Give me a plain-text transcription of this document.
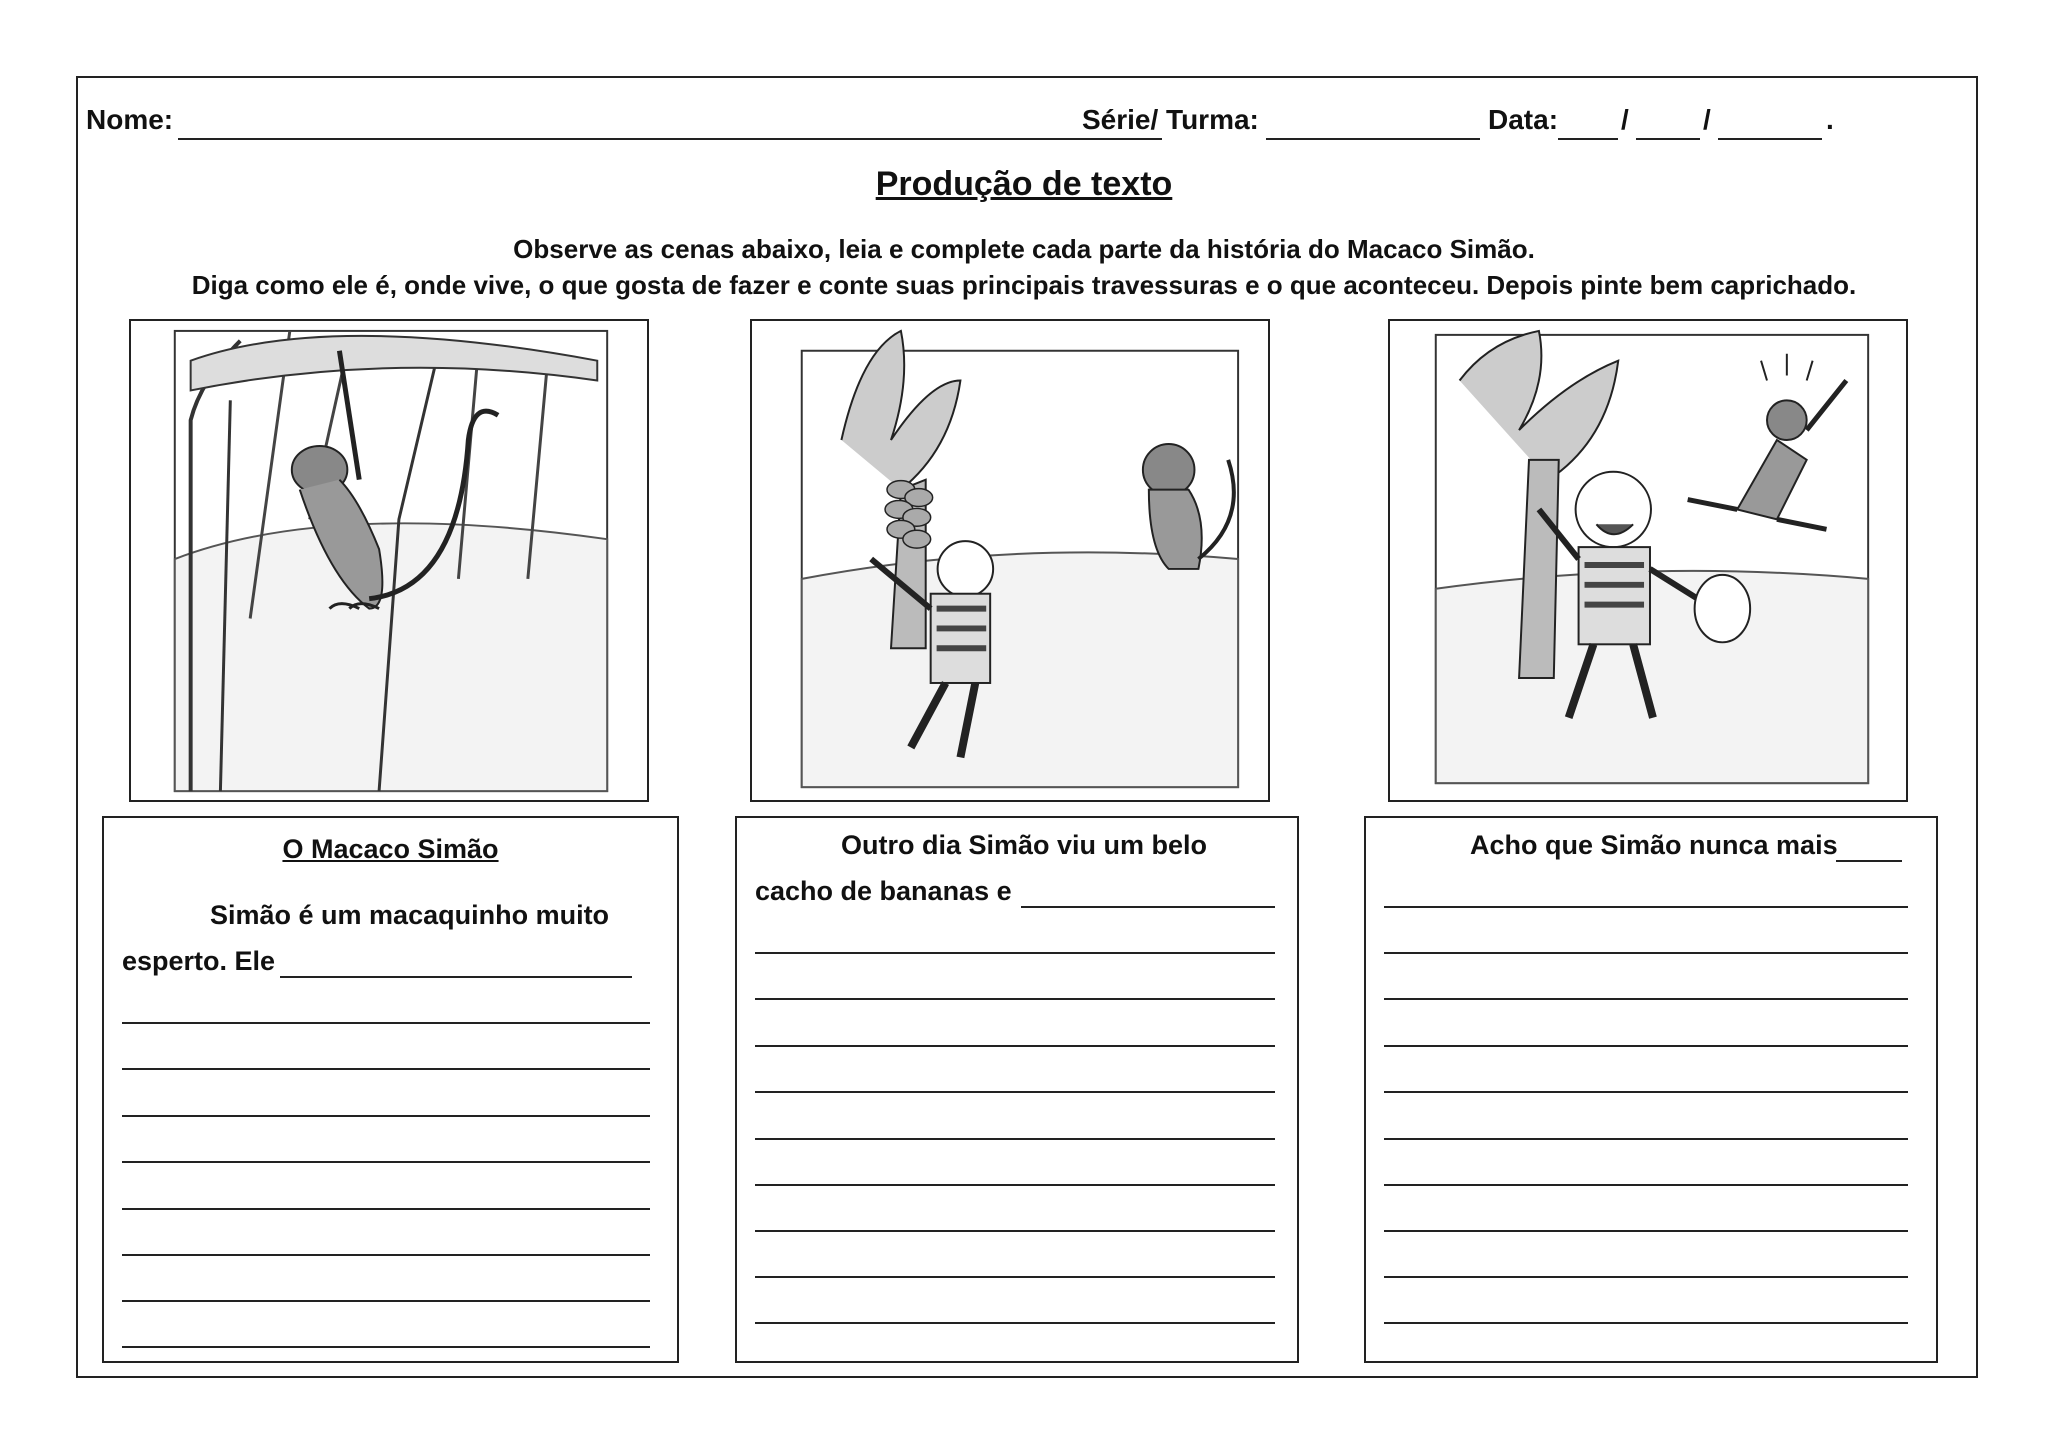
Nome:	Série/ Turma:	Data: /	/	.
Produção de texto
Observe as cenas abaixo, leia e complete cada parte da história do Macaco Simão.
Diga como ele é, onde vive, o que gosta de fazer e conte suas principais travessuras e o que aconteceu. Depois pinte bem caprichado.
O Macaco Simão
Simão é um macaquinho muito
esperto. Ele
Outro dia Simão viu um belo
cacho de bananas e
Acho que Simão nunca mais
